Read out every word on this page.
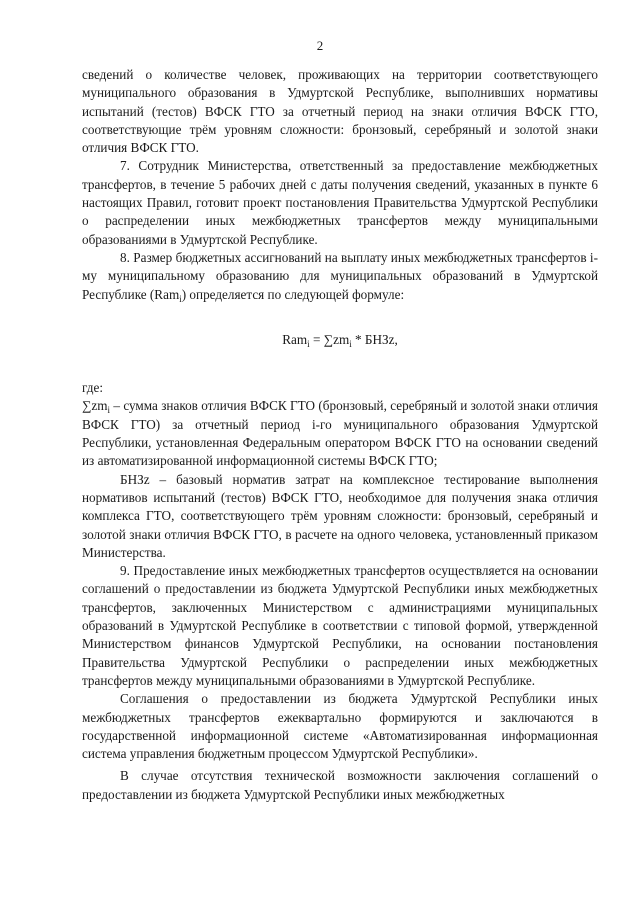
2

сведений о количестве человек, проживающих на территории соответствующего муниципального образования в Удмуртской Республике, выполнивших нормативы испытаний (тестов) ВФСК ГТО за отчетный период на знаки отличия ВФСК ГТО, соответствующие трём уровням сложности: бронзовый, серебряный и золотой знаки отличия ВФСК ГТО.

7. Сотрудник Министерства, ответственный за предоставление межбюджетных трансфертов, в течение 5 рабочих дней с даты получения сведений, указанных в пункте 6 настоящих Правил, готовит проект постановления Правительства Удмуртской Республики о распределении иных межбюджетных трансфертов между муниципальными образованиями в Удмуртской Республике.

8. Размер бюджетных ассигнований на выплату иных межбюджетных трансфертов i-му муниципальному образованию для муниципальных образований в Удмуртской Республике (Ram$_i$) определяется по следующей формуле:

$Ram_i = \sum zm_i$ * БНЗz,

где:

$\sum zm_i$ – сумма знаков отличия ВФСК ГТО (бронзовый, серебряный и золотой знаки отличия ВФСК ГТО) за отчетный период i-го муниципального образования Удмуртской Республики, установленная Федеральным оператором ВФСК ГТО на основании сведений из автоматизированной информационной системы ВФСК ГТО;

БНЗz – базовый норматив затрат на комплексное тестирование выполнения нормативов испытаний (тестов) ВФСК ГТО, необходимое для получения знака отличия комплекса ГТО, соответствующего трём уровням сложности: бронзовый, серебряный и золотой знаки отличия ВФСК ГТО, в расчете на одного человека, установленный приказом Министерства.

9. Предоставление иных межбюджетных трансфертов осуществляется на основании соглашений о предоставлении из бюджета Удмуртской Республики иных межбюджетных трансфертов, заключенных Министерством с администрациями муниципальных образований в Удмуртской Республике в соответствии с типовой формой, утвержденной Министерством финансов Удмуртской Республики, на основании постановления Правительства Удмуртской Республики о распределении иных межбюджетных трансфертов между муниципальными образованиями в Удмуртской Республике.

Соглашения о предоставлении из бюджета Удмуртской Республики иных межбюджетных трансфертов ежеквартально формируются и заключаются в государственной информационной системе «Автоматизированная информационная система управления бюджетным процессом Удмуртской Республики».

В случае отсутствия технической возможности заключения соглашений о предоставлении из бюджета Удмуртской Республики иных межбюджетных
